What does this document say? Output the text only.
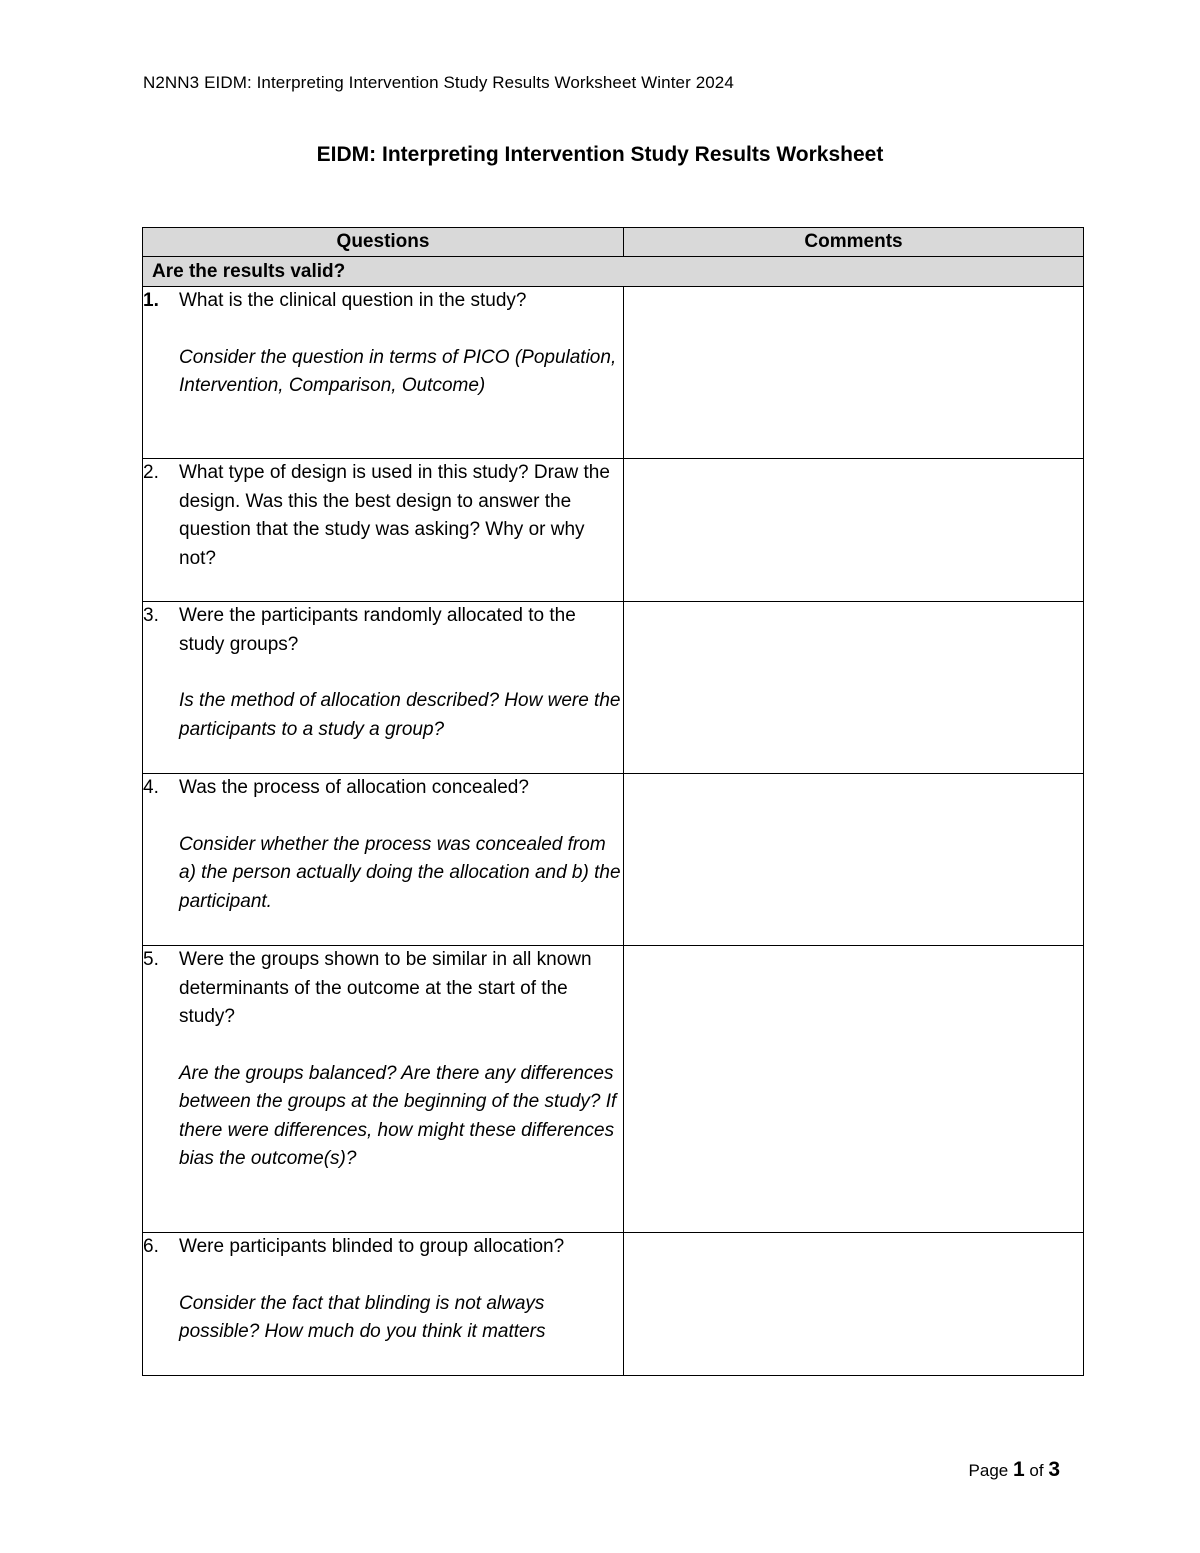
N2NN3 EIDM: Interpreting Intervention Study Results Worksheet Winter 2024
EIDM: Interpreting Intervention Study Results Worksheet
Questions	Comments
Are the results valid?	

1. What is the clinical question in the study?
Consider the question in terms of PICO (Population, Intervention, Comparison, Outcome)	

2. What type of design is used in this study? Draw the design. Was this the best design to answer the question that the study was asking? Why or why not?	

3. Were the participants randomly allocated to the study groups?
Is the method of allocation described? How were the participants to a study a group?	

4. Was the process of allocation concealed?
Consider whether the process was concealed from a) the person actually doing the allocation and b) the participant.	

5. Were the groups shown to be similar in all known determinants of the outcome at the start of the study?
Are the groups balanced? Are there any differences between the groups at the beginning of the study? If there were differences, how might these differences bias the outcome(s)?	

6. Were participants blinded to group allocation?
Consider the fact that blinding is not always possible? How much do you think it matters	

Page 1 of 3
